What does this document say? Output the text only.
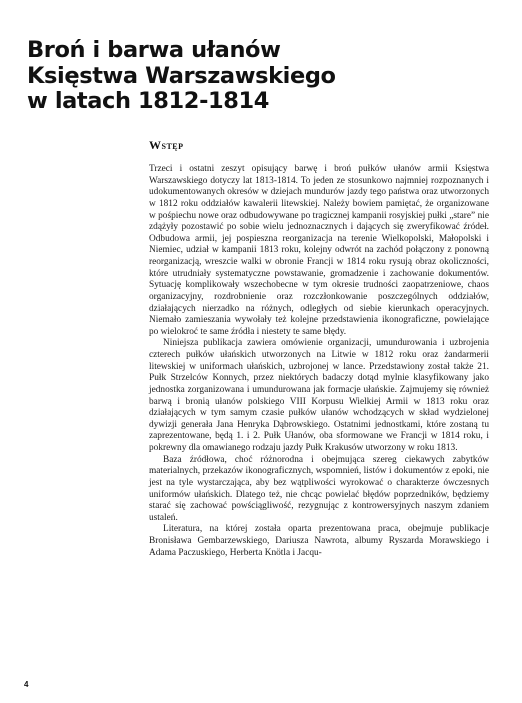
Broń i barwa ułanów
Księstwa Warszawskiego
w latach 1812-1814
Wstęp

Trzeci i ostatni zeszyt opisujący barwę i broń pułków ułanów armii Księstwa Warszawskiego dotyczy lat 1813-1814. To jeden ze stosunkowo najmniej rozpoznanych i udokumentowanych okresów w dziejach mundurów jazdy tego państwa oraz utworzonych w 1812 roku oddziałów kawalerii litewskiej. Należy bowiem pamiętać, że organizowane w pośpiechu nowe oraz odbudowywane po tragicznej kampanii rosyjskiej pułki „stare” nie zdążyły pozostawić po sobie wielu jednoznacznych i dających się zweryfikować źródeł. Odbudowa armii, jej pospieszna reorganizacja na terenie Wielkopolski, Małopolski i Niemiec, udział w kampanii 1813 roku, kolejny odwrót na zachód połączony z ponowną reorganizacją, wreszcie walki w obronie Francji w 1814 roku rysują obraz okoliczności, które utrudniały systematyczne powstawanie, gromadzenie i zachowanie dokumentów. Sytuację komplikowały wszechobecne w tym okresie trudności zaopatrzeniowe, chaos organizacyjny, rozdrobnienie oraz rozczłonkowanie poszczególnych oddziałów, działających nierzadko na różnych, odległych od siebie kierunkach operacyjnych. Niemało zamieszania wywołały też kolejne przedstawienia ikonograficzne, powielające po wielokroć te same źródła i niestety te same błędy.

Niniejsza publikacja zawiera omówienie organizacji, umundurowania i uzbrojenia czterech pułków ułańskich utworzonych na Litwie w 1812 roku oraz żandarmerii litewskiej w uniformach ułańskich, uzbrojonej w lance. Przedstawiony został także 21. Pułk Strzelców Konnych, przez niektórych badaczy dotąd mylnie klasyfikowany jako jednostka zorganizowana i umundurowana jak formacje ułańskie. Zajmujemy się również barwą i bronią ułanów polskiego VIII Korpusu Wielkiej Armii w 1813 roku oraz działających w tym samym czasie pułków ułanów wchodzących w skład wydzielonej dywizji generała Jana Henryka Dąbrowskiego. Ostatnimi jednostkami, które zostaną tu zaprezentowane, będą 1. i 2. Pułk Ułanów, oba sformowane we Francji w 1814 roku, i pokrewny dla omawianego rodzaju jazdy Pułk Krakusów utworzony w roku 1813.

Baza źródłowa, choć różnorodna i obejmująca szereg ciekawych zabytków materialnych, przekazów ikonograficznych, wspomnień, listów i dokumentów z epoki, nie jest na tyle wystarczająca, aby bez wątpliwości wyrokować o charakterze ówczesnych uniformów ułańskich. Dlatego też, nie chcąc powielać błędów poprzedników, będziemy starać się zachować powściągliwość, rezygnując z kontrowersyjnych naszym zdaniem ustaleń.

Literatura, na której została oparta prezentowana praca, obejmuje publikacje Bronisława Gembarzewskiego, Dariusza Nawrota, albumy Ryszarda Morawskiego i Adama Paczuskiego, Herberta Knötla i Jacqu-

4
